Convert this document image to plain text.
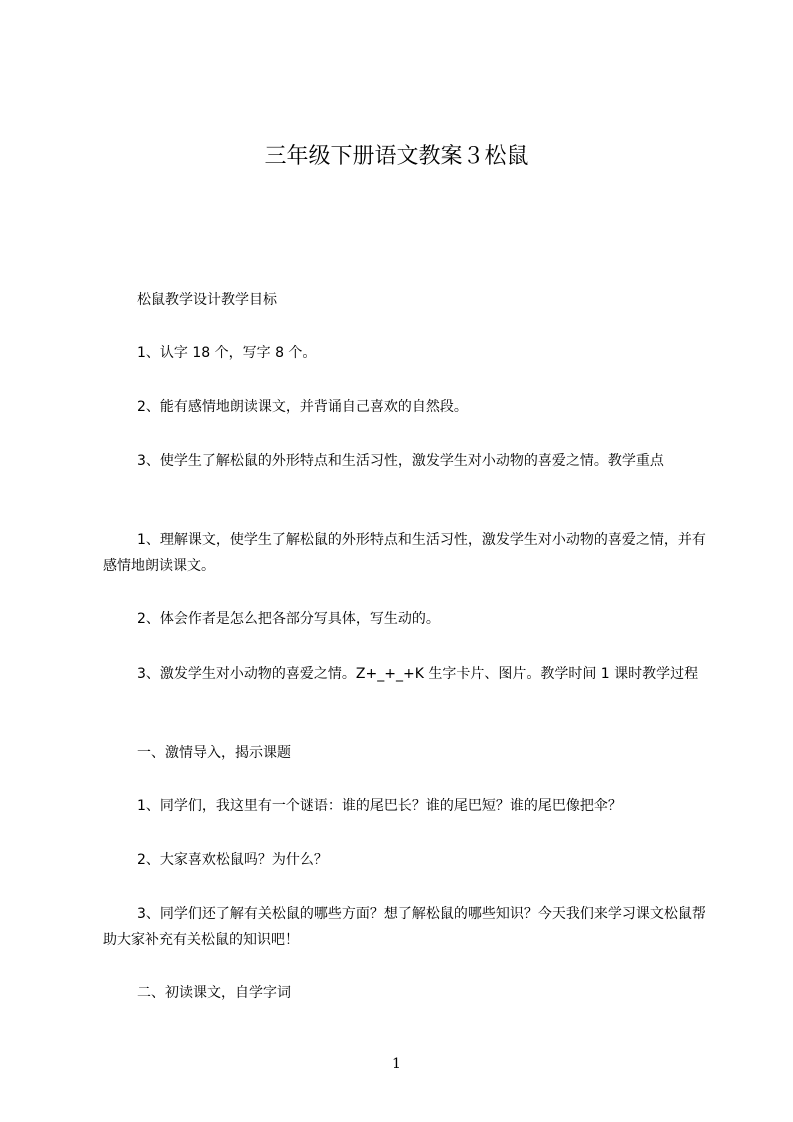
三年级下册语文教案３松鼠

松鼠教学设计教学目标

1、认字 18 个，写字 8 个。

2、能有感情地朗读课文，并背诵自己喜欢的自然段。

3、使学生了解松鼠的外形特点和生活习性，激发学生对小动物的喜爱之情。教学重点

1、理解课文，使学生了解松鼠的外形特点和生活习性，激发学生对小动物的喜爱之情，并有感情地朗读课文。

2、体会作者是怎么把各部分写具体，写生动的。

3、激发学生对小动物的喜爱之情。Z+_+_+K 生字卡片、图片。教学时间 1 课时教学过程

一、激情导入，揭示课题

1、同学们，我这里有一个谜语：谁的尾巴长？谁的尾巴短？谁的尾巴像把伞？

2、大家喜欢松鼠吗？为什么？

3、同学们还了解有关松鼠的哪些方面？想了解松鼠的哪些知识？今天我们来学习课文松鼠帮助大家补充有关松鼠的知识吧！

二、初读课文，自学字词

1
